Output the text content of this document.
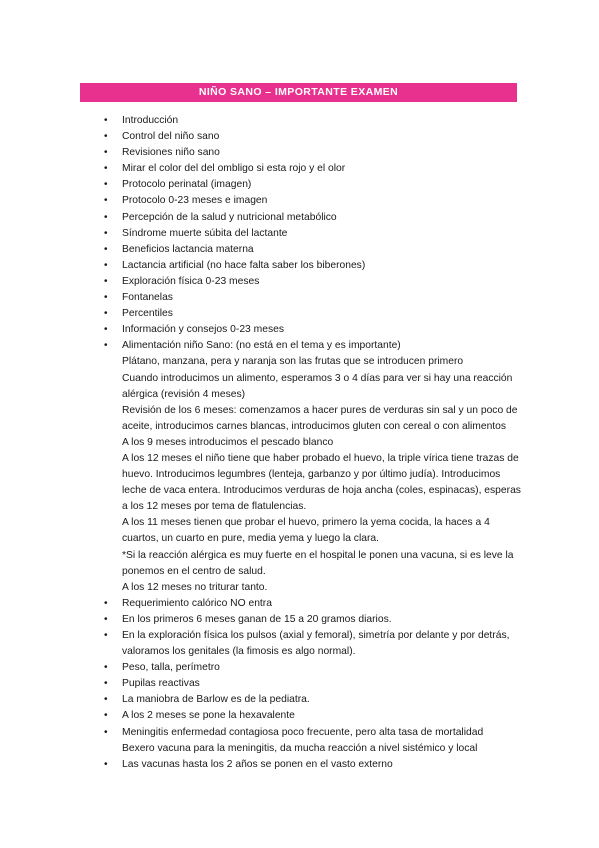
NIÑO SANO – IMPORTANTE EXAMEN
• Introducción
• Control del niño sano
• Revisiones niño sano
• Mirar el color del del ombligo si esta rojo y el olor
• Protocolo perinatal (imagen)
• Protocolo 0-23 meses e imagen
• Percepción de la salud y nutricional metabólico
• Síndrome muerte súbita del lactante
• Beneficios lactancia materna
• Lactancia artificial (no hace falta saber los biberones)
• Exploración física 0-23 meses
• Fontanelas
• Percentiles
• Información y consejos 0-23 meses
• Alimentación niño Sano: (no está en el tema y es importante)
Plátano, manzana, pera y naranja son las frutas que se introducen primero
Cuando introducimos un alimento, esperamos 3 o 4 días para ver si hay una reacción alérgica (revisión 4 meses)
Revisión de los 6 meses: comenzamos a hacer pures de verduras sin sal y un poco de aceite, introducimos carnes blancas, introducimos gluten con cereal o con alimentos
A los 9 meses introducimos el pescado blanco
A los 12 meses el niño tiene que haber probado el huevo, la triple vírica tiene trazas de huevo. Introducimos legumbres (lenteja, garbanzo y por último judía). Introducimos leche de vaca entera. Introducimos verduras de hoja ancha (coles, espinacas), esperas a los 12 meses por tema de flatulencias.
A los 11 meses tienen que probar el huevo, primero la yema cocida, la haces a 4 cuartos, un cuarto en pure, media yema y luego la clara.
*Si la reacción alérgica es muy fuerte en el hospital le ponen una vacuna, si es leve la ponemos en el centro de salud.
A los 12 meses no triturar tanto.
• Requerimiento calórico NO entra
• En los primeros 6 meses ganan de 15 a 20 gramos diarios.
• En la exploración física los pulsos (axial y femoral), simetría por delante y por detrás, valoramos los genitales (la fimosis es algo normal).
• Peso, talla, perímetro
• Pupilas reactivas
• La maniobra de Barlow es de la pediatra.
• A los 2 meses se pone la hexavalente
• Meningitis enfermedad contagiosa poco frecuente, pero alta tasa de mortalidad
Bexero vacuna para la meningitis, da mucha reacción a nivel sistémico y local
• Las vacunas hasta los 2 años se ponen en el vasto externo
